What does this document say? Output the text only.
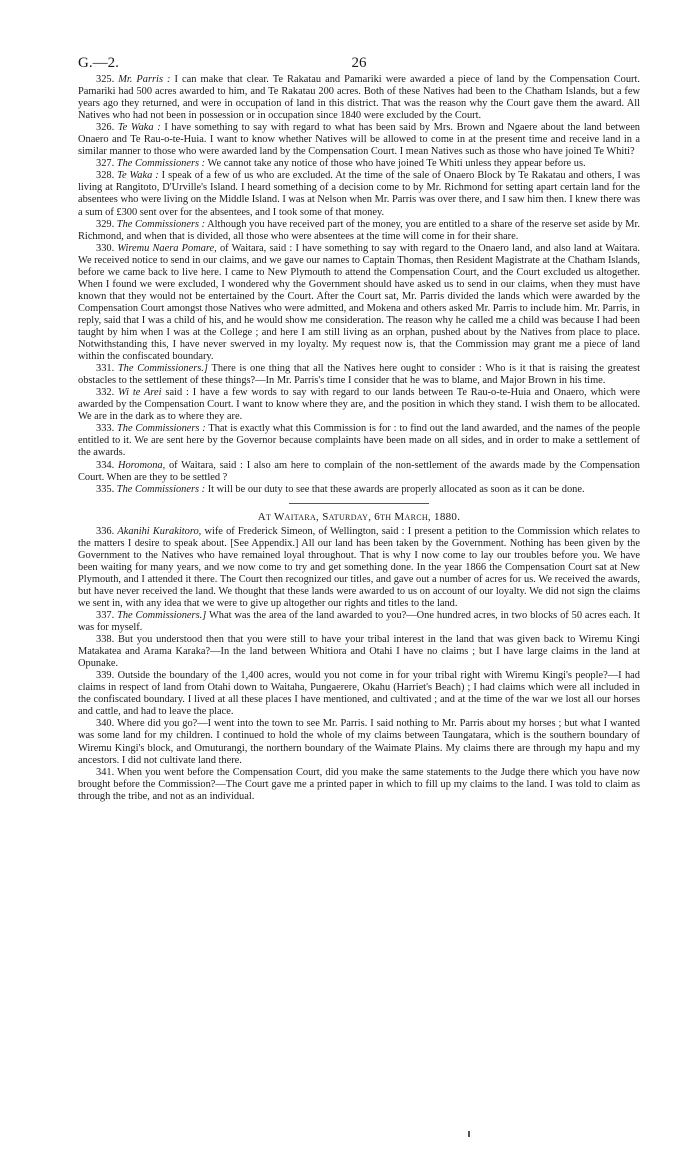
G.—2.	26

325. Mr. Parris : I can make that clear. Te Rakatau and Pamariki were awarded a piece of land by the Compensation Court. Pamariki had 500 acres awarded to him, and Te Rakatau 200 acres. Both of these Natives had been to the Chatham Islands, but a few years ago they returned, and were in occupation of land in this district. That was the reason why the Court gave them the award. All Natives who had not been in possession or in occupation since 1840 were excluded by the Court.

326. Te Waka : I have something to say with regard to what has been said by Mrs. Brown and Ngaere about the land between Onaero and Te Rau-o-te-Huia. I want to know whether Natives will be allowed to come in at the present time and receive land in a similar manner to those who were awarded land by the Compensation Court. I mean Natives such as those who have joined Te Whiti?

327. The Commissioners : We cannot take any notice of those who have joined Te Whiti unless they appear before us.

328. Te Waka : I speak of a few of us who are excluded. At the time of the sale of Onaero Block by Te Rakatau and others, I was living at Rangitoto, D'Urville's Island. I heard something of a decision come to by Mr. Richmond for setting apart certain land for the absentees who were living on the Middle Island. I was at Nelson when Mr. Parris was over there, and I saw him then. I knew there was a sum of £300 sent over for the absentees, and I took some of that money.

329. The Commissioners : Although you have received part of the money, you are entitled to a share of the reserve set aside by Mr. Richmond, and when that is divided, all those who were absentees at the time will come in for their share.

330. Wiremu Naera Pomare, of Waitara, said : I have something to say with regard to the Onaero land, and also land at Waitara. We received notice to send in our claims, and we gave our names to Captain Thomas, then Resident Magistrate at the Chatham Islands, before we came back to live here. I came to New Plymouth to attend the Compensation Court, and the Court excluded us altogether. When I found we were excluded, I wondered why the Government should have asked us to send in our claims, when they must have known that they would not be entertained by the Court. After the Court sat, Mr. Parris divided the lands which were awarded by the Compensation Court amongst those Natives who were admitted, and Mokena and others asked Mr. Parris to include him. Mr. Parris, in reply, said that I was a child of his, and he would show me consideration. The reason why he called me a child was because I had been taught by him when I was at the College ; and here I am still living as an orphan, pushed about by the Natives from place to place. Notwithstanding this, I have never swerved in my loyalty. My request now is, that the Commission may grant me a piece of land within the confiscated boundary.

331. The Commissioners.] There is one thing that all the Natives here ought to consider : Who is it that is raising the greatest obstacles to the settlement of these things?—In Mr. Parris's time I consider that he was to blame, and Major Brown in his time.

332. Wi te Arei said : I have a few words to say with regard to our lands between Te Rau-o-te-Huia and Onaero, which were awarded by the Compensation Court. I want to know where they are, and the position in which they stand. I wish them to be allocated. We are in the dark as to where they are.

333. The Commissioners : That is exactly what this Commission is for : to find out the land awarded, and the names of the people entitled to it. We are sent here by the Governor because complaints have been made on all sides, and in order to make a settlement of the awards.

334. Horomona, of Waitara, said : I also am here to complain of the non-settlement of the awards made by the Compensation Court. When are they to be settled ?

335. The Commissioners : It will be our duty to see that these awards are properly allocated as soon as it can be done.

At Waitara, Saturday, 6th March, 1880.

336. Akanihi Kurakitoro, wife of Frederick Simeon, of Wellington, said : I present a petition to the Commission which relates to the matters I desire to speak about. [See Appendix.] All our land has been taken by the Government. Nothing has been given by the Government to the Natives who have remained loyal throughout. That is why I now come to lay our troubles before you. We have been waiting for many years, and we now come to try and get something done. In the year 1866 the Compensation Court sat at New Plymouth, and I attended it there. The Court then recognized our titles, and gave out a number of acres for us. We received the awards, but have never received the land. We thought that these lands were awarded to us on account of our loyalty. We did not sign the claims we sent in, with any idea that we were to give up altogether our rights and titles to the land.

337. The Commissioners.] What was the area of the land awarded to you?—One hundred acres, in two blocks of 50 acres each. It was for myself.

338. But you understood then that you were still to have your tribal interest in the land that was given back to Wiremu Kingi Matakatea and Arama Karaka?—In the land between Whitiora and Otahi I have no claims ; but I have large claims in the land at Opunake.

339. Outside the boundary of the 1,400 acres, would you not come in for your tribal right with Wiremu Kingi's people?—I had claims in respect of land from Otahi down to Waitaha, Pungaerere, Okahu (Harriet's Beach) ; I had claims which were all included in the confiscated boundary. I lived at all these places I have mentioned, and cultivated ; and at the time of the war we lost all our horses and cattle, and had to leave the place.

340. Where did you go?—I went into the town to see Mr. Parris. I said nothing to Mr. Parris about my horses ; but what I wanted was some land for my children. I continued to hold the whole of my claims between Taungatara, which is the southern boundary of Wiremu Kingi's block, and Omuturangi, the northern boundary of the Waimate Plains. My claims there are through my hapu and my ancestors. I did not cultivate land there.

341. When you went before the Compensation Court, did you make the same statements to the Judge there which you have now brought before the Commission?—The Court gave me a printed paper in which to fill up my claims to the land. I was told to claim as through the tribe, and not as an individual.
